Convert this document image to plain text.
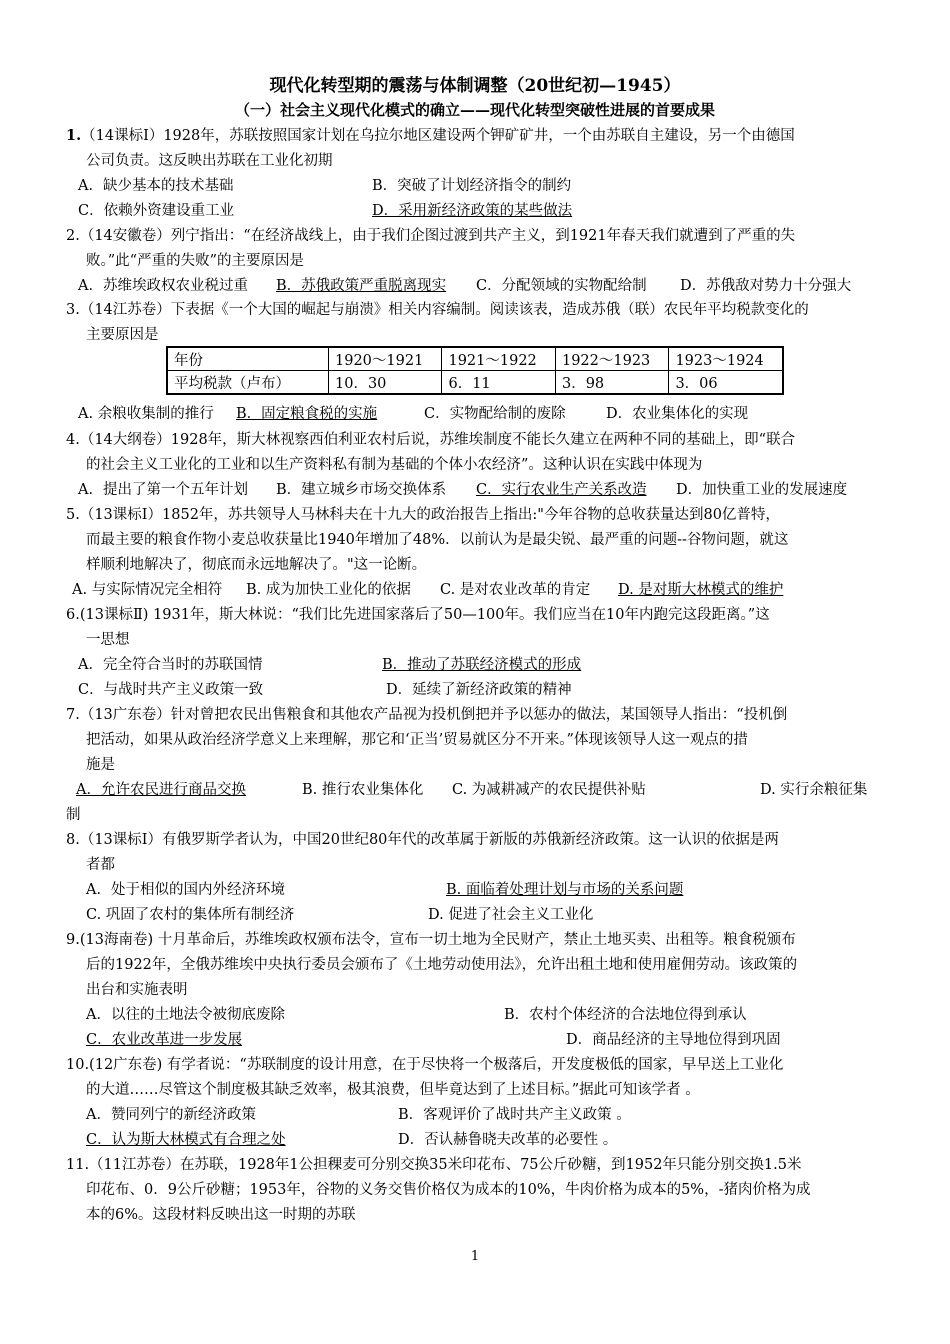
现代化转型期的震荡与体制调整（20世纪初—1945）
（一）社会主义现代化模式的确立——现代化转型突破性进展的首要成果
1.（14课标Ⅰ）1928年，苏联按照国家计划在乌拉尔地区建设两个钾矿矿井，一个由苏联自主建设，另一个由德国
公司负责。这反映出苏联在工业化初期
A．缺少基本的技术基础	B．突破了计划经济指令的制约
C．依赖外资建设重工业	D．采用新经济政策的某些做法
2.（14安徽卷）列宁指出：“在经济战线上，由于我们企图过渡到共产主义，到1921年春天我们就遭到了严重的失
败。”此“严重的失败”的主要原因是
A．苏维埃政权农业税过重 B．苏俄政策严重脱离现实 C．分配领域的实物配给制 D．苏俄敌对势力十分强大
3.（14江苏卷）下表据《一个大国的崛起与崩溃》相关内容编制。阅读该表，造成苏俄（联）农民年平均税款变化的
主要原因是
年份	1920～1921	1921～1922	1922～1923	1923～1924
平均税款（卢布）	10．30	6．11	3．98	3．06
A. 余粮收集制的推行 B．固定粮食税的实施	C．实物配给制的废除	D．农业集体化的实现
4.（14大纲卷）1928年，斯大林视察西伯利亚农村后说，苏维埃制度不能长久建立在两种不同的基础上，即“联合
的社会主义工业化的工业和以生产资料私有制为基础的个体小农经济”。这种认识在实践中体现为
A．提出了第一个五年计划 B．建立城乡市场交换体系 C．实行农业生产关系改造 D．加快重工业的发展速度
5.（13课标Ⅰ）1852年，苏共领导人马林科夫在十九大的政治报告上指出:"今年谷物的总收获量达到80亿普特，
而最主要的粮食作物小麦总收获量比1940年增加了48%．以前认为是最尖锐、最严重的问题--谷物问题，就这
样顺利地解决了，彻底而永远地解决了。"这一论断。
A. 与实际情况完全相符 B. 成为加快工业化的依据 C. 是对农业改革的肯定 D. 是对斯大林模式的维护
6.(13课标Ⅱ) 1931年，斯大林说：“我们比先进国家落后了50—100年。我们应当在10年内跑完这段距离。”这
一思想
A．完全符合当时的苏联国情	B．推动了苏联经济模式的形成
C．与战时共产主义政策一致	D．延续了新经济政策的精神
7.（13广东卷）针对曾把农民出售粮食和其他农产品视为投机倒把并予以惩办的做法，某国领导人指出：“投机倒
把活动，如果从政治经济学意义上来理解，那它和‘正当’贸易就区分不开来。”体现该领导人这一观点的措
施是
A．允许农民进行商品交换	B. 推行农业集体化 C. 为减耕减产的农民提供补贴	D. 实行余粮征集
制
8.（13课标Ⅰ）有俄罗斯学者认为，中国20世纪80年代的改革属于新版的苏俄新经济政策。这一认识的依据是两
者都
A．处于相似的国内外经济环境	B. 面临着处理计划与市场的关系问题
C. 巩固了农村的集体所有制经济	D. 促进了社会主义工业化
9.(13海南卷) 十月革命后，苏维埃政权颁布法令，宣布一切土地为全民财产，禁止土地买卖、出租等。粮食税颁布
后的1922年，全俄苏维埃中央执行委员会颁布了《土地劳动使用法》，允许出租土地和使用雇佣劳动。该政策的
出台和实施表明
A．以往的土地法令被彻底废除	B．农村个体经济的合法地位得到承认
C．农业改革进一步发展	D．商品经济的主导地位得到巩固
10.(12广东卷) 有学者说：“苏联制度的设计用意，在于尽快将一个极落后，开发度极低的国家，早早送上工业化
的大道……尽管这个制度极其缺乏效率，极其浪费，但毕竟达到了上述目标。”据此可知该学者 。
A．赞同列宁的新经济政策	B．客观评价了战时共产主义政策 。
C．认为斯大林模式有合理之处	D．否认赫鲁晓夫改革的必要性 。
11.（11江苏卷）在苏联，1928年1公担稞麦可分别交换35米印花布、75公斤砂糖，到1952年只能分别交换1.5米
印花布、0．9公斤砂糖；1953年，谷物的义务交售价格仅为成本的10%，牛肉价格为成本的5%，-猪肉价格为成
本的6%。这段材料反映出这一时期的苏联
1
